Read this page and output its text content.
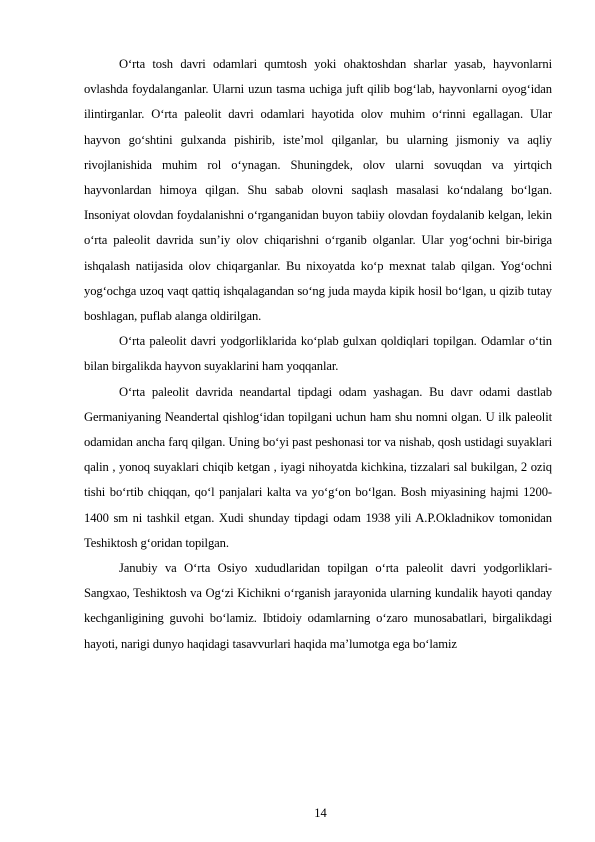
O‘rta tosh davri odamlari qumtosh yoki ohaktoshdan sharlar yasab, hayvonlarni ovlashda foydalanganlar. Ularni uzun tasma uchiga juft qilib bog‘lab, hayvonlarni oyog‘idan ilintirganlar. O‘rta paleolit davri odamlari hayotida olov muhim o‘rinni egallagan. Ular hayvon go‘shtini gulxanda pishirib, iste’mol qilganlar, bu ularning jismoniy va aqliy rivojlanishida muhim rol o‘ynagan. Shuningdek, olov ularni sovuqdan va yirtqich hayvonlardan himoya qilgan. Shu sabab olovni saqlash masalasi ko‘ndalang bo‘lgan. Insoniyat olovdan foydalanishni o‘rganganidan buyon tabiiy olovdan foydalanib kelgan, lekin o‘rta paleolit davrida sun’iy olov chiqarishni o‘rganib olganlar. Ular yog‘ochni bir-biriga ishqalash natijasida olov chiqarganlar. Bu nixoyatda ko‘p mexnat talab qilgan. Yog‘ochni yog‘ochga uzoq vaqt qattiq ishqalagandan so‘ng juda mayda kipik hosil bo‘lgan, u qizib tutay boshlagan, puflab alanga oldirilgan.

O‘rta paleolit davri yodgorliklarida ko‘plab gulxan qoldiqlari topilgan. Odamlar o‘tin bilan birgalikda hayvon suyaklarini ham yoqqanlar.

O‘rta paleolit davrida neandartal tipdagi odam yashagan. Bu davr odami dastlab Germaniyaning Neandertal qishlog‘idan topilgani uchun ham shu nomni olgan. U ilk paleolit odamidan ancha farq qilgan. Uning bo‘yi past peshonasi tor va nishab, qosh ustidagi suyaklari qalin , yonoq suyaklari chiqib ketgan , iyagi nihoyatda kichkina, tizzalari sal bukilgan, 2 oziq tishi bo‘rtib chiqqan, qo‘l panjalari kalta va yo‘g‘on bo‘lgan. Bosh miyasining hajmi 1200-1400 sm ni tashkil etgan. Xudi shunday tipdagi odam 1938 yili A.P.Okladnikov tomonidan Teshiktosh g‘oridan topilgan.

Janubiy va O‘rta Osiyo xududlaridan topilgan o‘rta paleolit davri yodgorliklari-Sangxao, Teshiktosh va Og‘zi Kichikni o‘rganish jarayonida ularning kundalik hayoti qanday kechganligining guvohi bo‘lamiz. Ibtidoiy odamlarning o‘zaro munosabatlari, birgalikdagi hayoti, narigi dunyo haqidagi tasavvurlari haqida ma’lumotga ega bo‘lamiz

14
